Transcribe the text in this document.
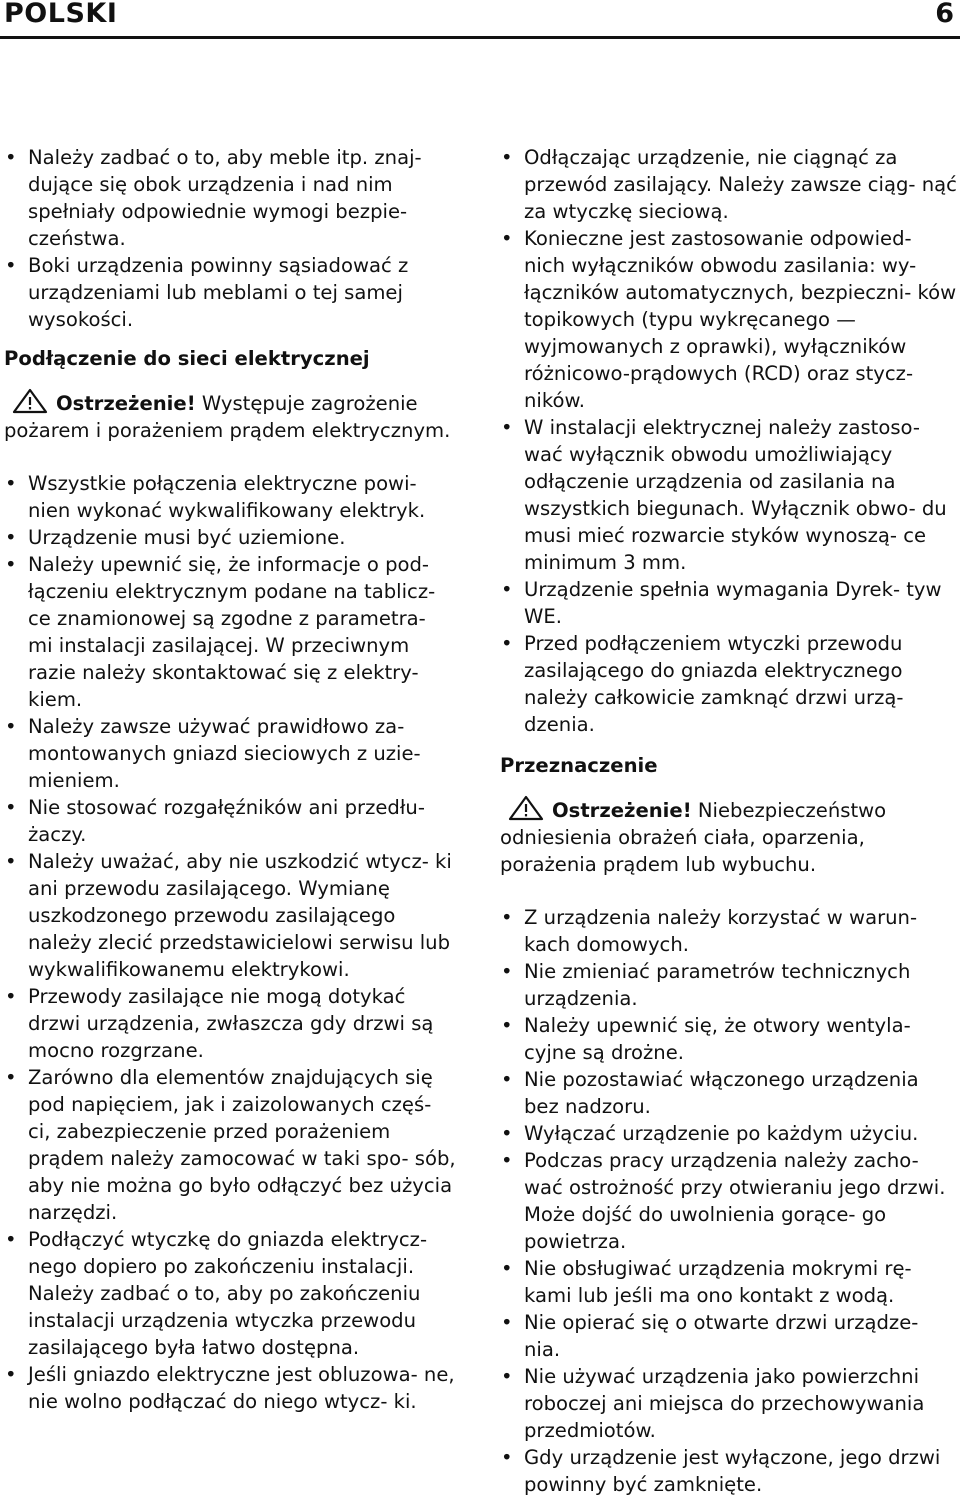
POLSKI	6
• Należy zadbać o to, aby meble itp. znaj- dujące się obok urządzenia i nad nim spełniały odpowiednie wymogi bezpie- czeństwa.
• Boki urządzenia powinny sąsiadować z urządzeniami lub meblami o tej samej wysokości.

Podłączenie do sieci elektrycznej

Ostrzeżenie! Występuje zagrożenie pożarem i porażeniem prądem elektrycznym.

• Wszystkie połączenia elektryczne powi- nien wykonać wykwalifikowany elektryk.
• Urządzenie musi być uziemione.
• Należy upewnić się, że informacje o pod- łączeniu elektrycznym podane na tablicz- ce znamionowej są zgodne z parametra- mi instalacji zasilającej. W przeciwnym razie należy skontaktować się z elektry- kiem.
• Należy zawsze używać prawidłowo za- montowanych gniazd sieciowych z uzie- mieniem.
• Nie stosować rozgałęźników ani przedłu- żaczy.
• Należy uważać, aby nie uszkodzić wtycz- ki ani przewodu zasilającego. Wymianę uszkodzonego przewodu zasilającego należy zlecić przedstawicielowi serwisu lub wykwalifikowanemu elektrykowi.
• Przewody zasilające nie mogą dotykać drzwi urządzenia, zwłaszcza gdy drzwi są mocno rozgrzane.
• Zarówno dla elementów znajdujących się pod napięciem, jak i zaizolowanych częś- ci, zabezpieczenie przed porażeniem prądem należy zamocować w taki spo- sób, aby nie można go było odłączyć bez użycia narzędzi.
• Podłączyć wtyczkę do gniazda elektrycz- nego dopiero po zakończeniu instalacji. Należy zadbać o to, aby po zakończeniu instalacji urządzenia wtyczka przewodu zasilającego była łatwo dostępna.
• Jeśli gniazdo elektryczne jest obluzowa- ne, nie wolno podłączać do niego wtycz- ki.
• Odłączając urządzenie, nie ciągnąć za przewód zasilający. Należy zawsze ciąg- nąć za wtyczkę sieciową.
• Konieczne jest zastosowanie odpowied- nich wyłączników obwodu zasilania: wy- łączników automatycznych, bezpieczni- ków topikowych (typu wykręcanego — wyjmowanych z oprawki), wyłączników różnicowo-prądowych (RCD) oraz stycz- ników.
• W instalacji elektrycznej należy zastoso- wać wyłącznik obwodu umożliwiający odłączenie urządzenia od zasilania na wszystkich biegunach. Wyłącznik obwo- du musi mieć rozwarcie styków wynoszą- ce minimum 3 mm.
• Urządzenie spełnia wymagania Dyrek- tyw WE.
• Przed podłączeniem wtyczki przewodu zasilającego do gniazda elektrycznego należy całkowicie zamknąć drzwi urzą- dzenia.

Przeznaczenie

Ostrzeżenie! Niebezpieczeństwo odniesienia obrażeń ciała, oparzenia, porażenia prądem lub wybuchu.

• Z urządzenia należy korzystać w warun- kach domowych.
• Nie zmieniać parametrów technicznych urządzenia.
• Należy upewnić się, że otwory wentyla- cyjne są drożne.
• Nie pozostawiać włączonego urządzenia bez nadzoru.
• Wyłączać urządzenie po każdym użyciu.
• Podczas pracy urządzenia należy zacho- wać ostrożność przy otwieraniu jego drzwi. Może dojść do uwolnienia gorące- go powietrza.
• Nie obsługiwać urządzenia mokrymi rę- kami lub jeśli ma ono kontakt z wodą.
• Nie opierać się o otwarte drzwi urządze- nia.
• Nie używać urządzenia jako powierzchni roboczej ani miejsca do przechowywania przedmiotów.
• Gdy urządzenie jest wyłączone, jego drzwi powinny być zamknięte.
